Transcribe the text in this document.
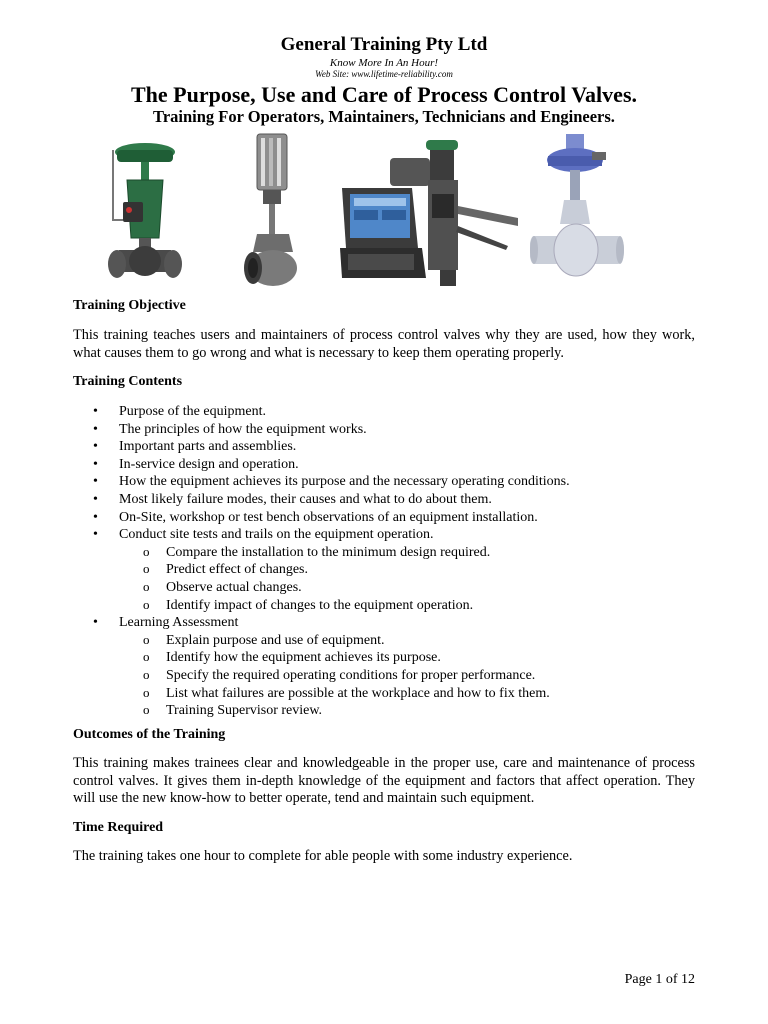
General Training Pty Ltd
Know More In An Hour!
Web Site: www.lifetime-reliability.com
The Purpose, Use and Care of Process Control Valves.
Training For Operators, Maintainers, Technicians and Engineers.
Training Objective
This training teaches users and maintainers of process control valves why they are used, how they work, what causes them to go wrong and what is necessary to keep them operating properly.
Training Contents
• Purpose of the equipment.
• The principles of how the equipment works.
• Important parts and assemblies.
• In-service design and operation.
• How the equipment achieves its purpose and the necessary operating conditions.
• Most likely failure modes, their causes and what to do about them.
• On-Site, workshop or test bench observations of an equipment installation.
• Conduct site tests and trails on the equipment operation.
o Compare the installation to the minimum design required.
o Predict effect of changes.
o Observe actual changes.
o Identify impact of changes to the equipment operation.
• Learning Assessment
o Explain purpose and use of equipment.
o Identify how the equipment achieves its purpose.
o Specify the required operating conditions for proper performance.
o List what failures are possible at the workplace and how to fix them.
o Training Supervisor review.
Outcomes of the Training
This training makes trainees clear and knowledgeable in the proper use, care and maintenance of process control valves. It gives them in-depth knowledge of the equipment and factors that affect operation. They will use the new know-how to better operate, tend and maintain such equipment.
Time Required
The training takes one hour to complete for able people with some industry experience.
Page 1 of 12
